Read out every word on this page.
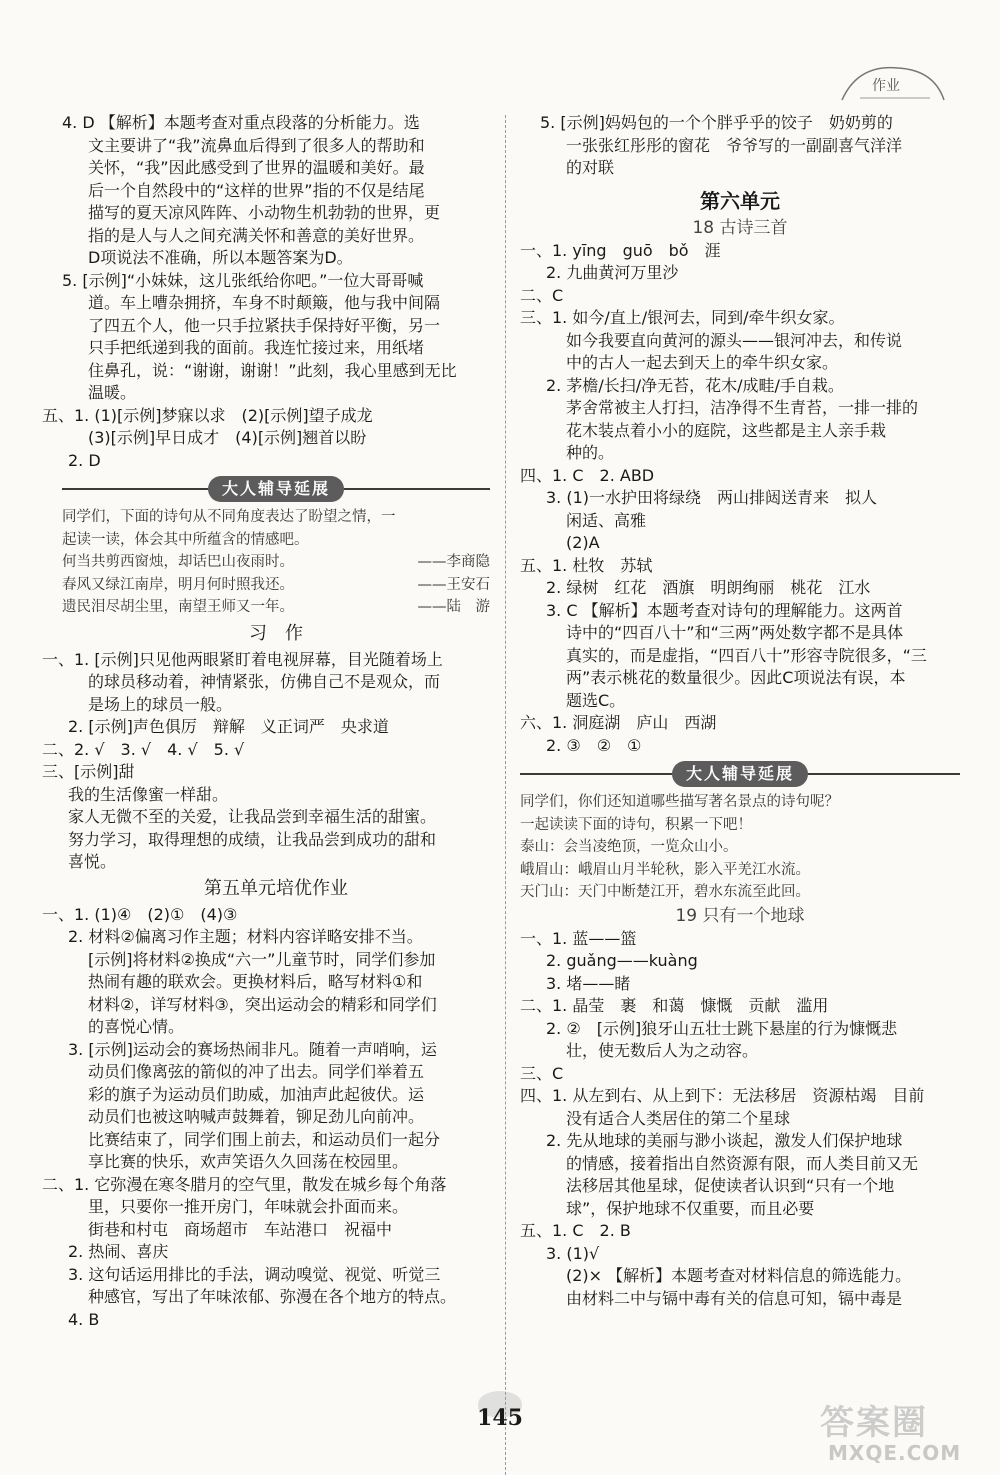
作业
4. D 【解析】本题考查对重点段落的分析能力。选
文主要讲了“我”流鼻血后得到了很多人的帮助和
关怀，“我”因此感受到了世界的温暖和美好。最
后一个自然段中的“这样的世界”指的不仅是结尾
描写的夏天凉风阵阵、小动物生机勃勃的世界，更
指的是人与人之间充满关怀和善意的美好世界。
D项说法不准确，所以本题答案为D。
5. [示例]“小妹妹，这儿张纸给你吧。”一位大哥哥喊
道。车上嘈杂拥挤，车身不时颠簸，他与我中间隔
了四五个人，他一只手拉紧扶手保持好平衡，另一
只手把纸递到我的面前。我连忙接过来，用纸堵
住鼻孔，说：“谢谢，谢谢！”此刻，我心里感到无比
温暖。
五、1. (1)[示例]梦寐以求　(2)[示例]望子成龙
(3)[示例]早日成才　(4)[示例]翘首以盼
2. D
大人辅导延展
同学们，下面的诗句从不同角度表达了盼望之情，一
起读一读，体会其中所蕴含的情感吧。
何当共剪西窗烛，却话巴山夜雨时。	——李商隐
春风又绿江南岸，明月何时照我还。	——王安石
遗民泪尽胡尘里，南望王师又一年。	——陆　游
习　作
一、1. [示例]只见他两眼紧盯着电视屏幕，目光随着场上
的球员移动着，神情紧张，仿佛自己不是观众，而
是场上的球员一般。
2. [示例]声色俱厉　辩解　义正词严　央求道
二、2. √　3. √　4. √　5. √
三、[示例]甜
我的生活像蜜一样甜。
家人无微不至的关爱，让我品尝到幸福生活的甜蜜。
努力学习，取得理想的成绩，让我品尝到成功的甜和
喜悦。
第五单元培优作业
一、1. (1)④　(2)①　(4)③
2. 材料②偏离习作主题；材料内容详略安排不当。
[示例]将材料②换成“六一”儿童节时，同学们参加
热闹有趣的联欢会。更换材料后，略写材料①和
材料②，详写材料③，突出运动会的精彩和同学们
的喜悦心情。
3. [示例]运动会的赛场热闹非凡。随着一声哨响，运
动员们像离弦的箭似的冲了出去。同学们举着五
彩的旗子为运动员们助威，加油声此起彼伏。运
动员们也被这呐喊声鼓舞着，铆足劲儿向前冲。
比赛结束了，同学们围上前去，和运动员们一起分
享比赛的快乐，欢声笑语久久回荡在校园里。
二、1. 它弥漫在寒冬腊月的空气里，散发在城乡每个角落
里，只要你一推开房门，年味就会扑面而来。
街巷和村屯　商场超市　车站港口　祝福中
2. 热闹、喜庆
3. 这句话运用排比的手法，调动嗅觉、视觉、听觉三
种感官，写出了年味浓郁、弥漫在各个地方的特点。
4. B
5. [示例]妈妈包的一个个胖乎乎的饺子　奶奶剪的
一张张红彤彤的窗花　爷爷写的一副副喜气洋洋
的对联
第六单元
18 古诗三首
一、1. yīng　guō　bǒ　涯
2. 九曲黄河万里沙
二、C
三、1. 如今/直上/银河去，同到/牵牛织女家。
如今我要直向黄河的源头——银河冲去，和传说
中的古人一起去到天上的牵牛织女家。
2. 茅檐/长扫/净无苔，花木/成畦/手自栽。
茅舍常被主人打扫，洁净得不生青苔，一排一排的
花木装点着小小的庭院，这些都是主人亲手栽
种的。
四、1. C　2. ABD
3. (1)一水护田将绿绕　两山排闼送青来　拟人
闲适、高雅
(2)A
五、1. 杜牧　苏轼
2. 绿树　红花　酒旗　明朗绚丽　桃花　江水
3. C 【解析】本题考查对诗句的理解能力。这两首
诗中的“四百八十”和“三两”两处数字都不是具体
真实的，而是虚指，“四百八十”形容寺院很多，“三
两”表示桃花的数量很少。因此C项说法有误，本
题选C。
六、1. 洞庭湖　庐山　西湖
2. ③　②　①
大人辅导延展
同学们，你们还知道哪些描写著名景点的诗句呢？
一起读读下面的诗句，积累一下吧！
泰山：会当凌绝顶，一览众山小。
峨眉山：峨眉山月半轮秋，影入平羌江水流。
天门山：天门中断楚江开，碧水东流至此回。
19 只有一个地球
一、1. 蓝——篮
2. guǎng——kuàng
3. 堵——睹
二、1. 晶莹　裹　和蔼　慷慨　贡献　滥用
2. ②　[示例]狼牙山五壮士跳下悬崖的行为慷慨悲
壮，使无数后人为之动容。
三、C
四、1. 从左到右、从上到下：无法移居　资源枯竭　目前
没有适合人类居住的第二个星球
2. 先从地球的美丽与渺小谈起，激发人们保护地球
的情感，接着指出自然资源有限，而人类目前又无
法移居其他星球，促使读者认识到“只有一个地
球”，保护地球不仅重要，而且必要
五、1. C　2. B
3. (1)√
(2)× 【解析】本题考查对材料信息的筛选能力。
由材料二中与镉中毒有关的信息可知，镉中毒是
145	答案圈
MXQE.COM
